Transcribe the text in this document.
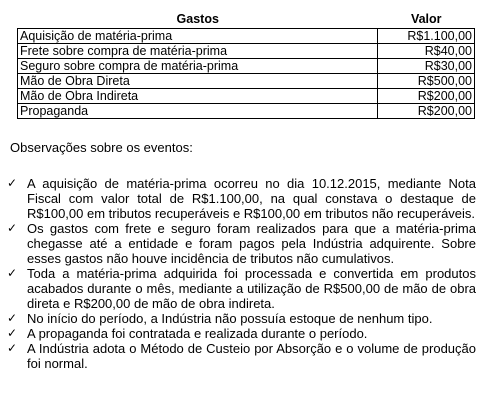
Gastos	Valor
Aquisição de matéria-prima	R$1.100,00
Frete sobre compra de matéria-prima	R$40,00
Seguro sobre compra de matéria-prima	R$30,00
Mão de Obra Direta	R$500,00
Mão de Obra Indireta	R$200,00
Propaganda	R$200,00
Observações sobre os eventos:
✓ A aquisição de matéria-prima ocorreu no dia 10.12.2015, mediante Nota Fiscal com valor total de R$1.100,00, na qual constava o destaque de R$100,00 em tributos recuperáveis e R$100,00 em tributos não recuperáveis.
✓ Os gastos com frete e seguro foram realizados para que a matéria-prima chegasse até a entidade e foram pagos pela Indústria adquirente. Sobre esses gastos não houve incidência de tributos não cumulativos.
✓ Toda a matéria-prima adquirida foi processada e convertida em produtos acabados durante o mês, mediante a utilização de R$500,00 de mão de obra direta e R$200,00 de mão de obra indireta.
✓ No início do período, a Indústria não possuía estoque de nenhum tipo.
✓ A propaganda foi contratada e realizada durante o período.
✓ A Indústria adota o Método de Custeio por Absorção e o volume de produção foi normal.
